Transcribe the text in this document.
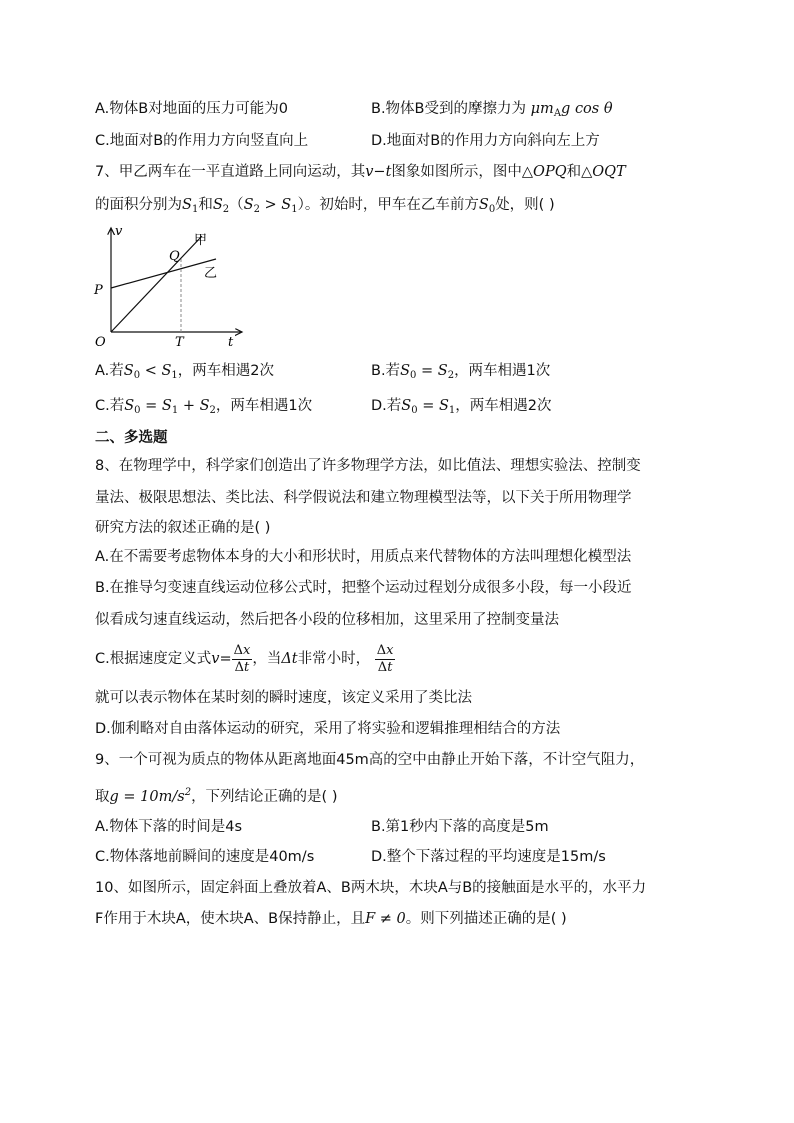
A.物体B对地面的压力可能为0	B.物体B受到的摩擦力为 $\mu m_Ag$ cos θ
C.地面对B的作用力方向竖直向上	D.地面对B的作用力方向斜向左上方
7、甲乙两车在一平直道路上同向运动，其v−t图象如图所示，图中△OPQ和△OQT
的面积分别为$S_1$和$S_2(S_2 > S_1)$。初始时，甲车在乙车前方$S_0$处，则( )
v
t
O
P
Q
T
甲
乙
A.若$S_0 < S_1$，两车相遇2次	B.若$S_0 = S_2$，两车相遇1次
C.若$S_0 = S_1 + S_2$，两车相遇1次	D.若$S_0 = S_1$，两车相遇2次
二、多选题
8、在物理学中，科学家们创造出了许多物理学方法，如比值法、理想实验法、控制变
量法、极限思想法、类比法、科学假说法和建立物理模型法等，以下关于所用物理学
研究方法的叙述正确的是( )
A.在不需要考虑物体本身的大小和形状时，用质点来代替物体的方法叫理想化模型法
B.在推导匀变速直线运动位移公式时，把整个运动过程划分成很多小段，每一小段近
似看成匀速直线运动，然后把各小段的位移相加，这里采用了控制变量法
C.根据速度定义式$v= \frac{\Delta x}{\Delta t}$ ，当Δt非常小时， $\frac{\Delta x}{\Delta t}$
就可以表示物体在某时刻的瞬时速度，该定义采用了类比法
D.伽利略对自由落体运动的研究，采用了将实验和逻辑推理相结合的方法
9、一个可视为质点的物体从距离地面45m高的空中由静止开始下落，不计空气阻力，
取$g = 10m/s^2$，下列结论正确的是( )
A.物体下落的时间是4s	B.第1秒内下落的高度是5m
C.物体落地前瞬间的速度是40m/s	D.整个下落过程的平均速度是15m/s
10、如图所示，固定斜面上叠放着A、B两木块，木块A与B的接触面是水平的，水平力
F作用于木块A，使木块A、B保持静止，且F ≠ 0。则下列描述正确的是( )
